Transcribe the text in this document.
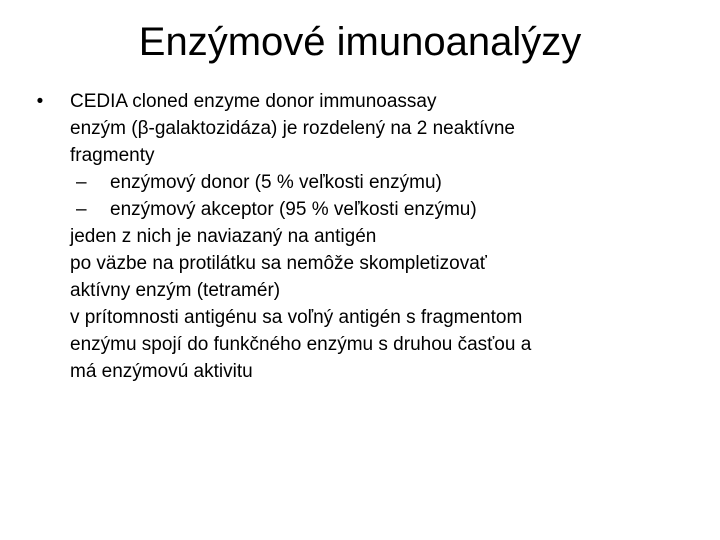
Enzýmové imunoanalýzy
•	CEDIA cloned enzyme donor immunoassay
enzým (β-galaktozidáza) je rozdelený na 2 neaktívne
fragmenty
– enzýmový donor (5 % veľkosti enzýmu)
– enzýmový akceptor (95 % veľkosti enzýmu)
jeden z nich je naviazaný na antigén
po väzbe na protilátku sa nemôže skompletizovať
aktívny enzým (tetramér)
v prítomnosti antigénu sa voľný antigén s fragmentom
enzýmu spojí do funkčného enzýmu s druhou časťou a
má enzýmovú aktivitu
